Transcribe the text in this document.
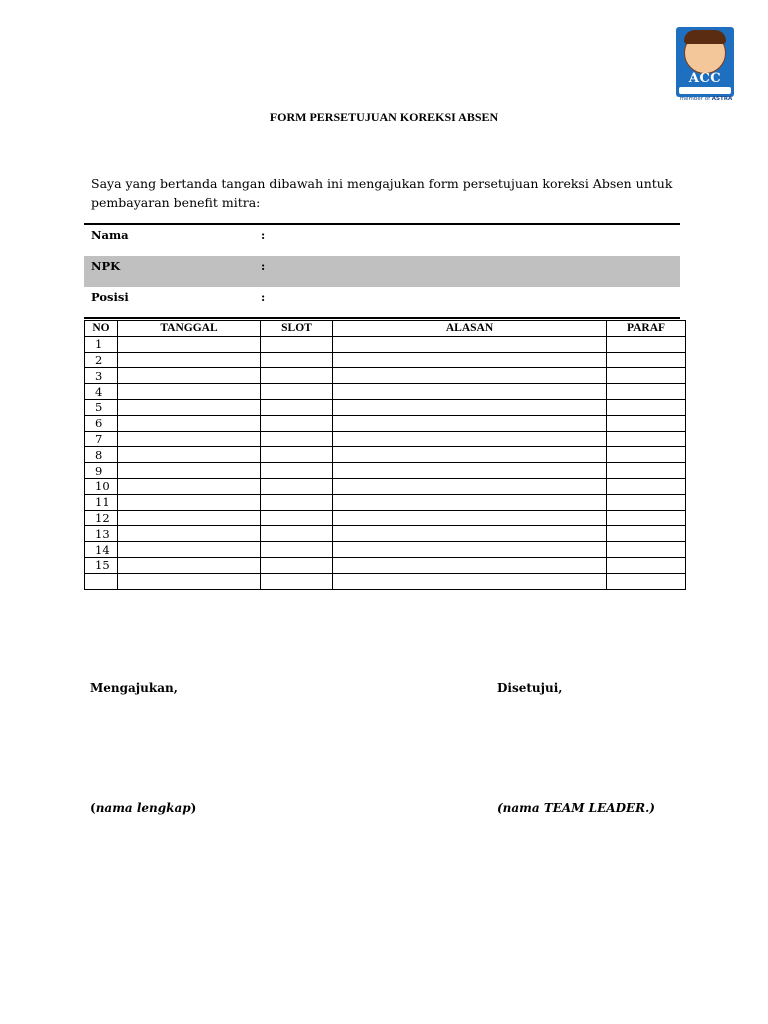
ACC
member of ASTRA
FORM PERSETUJUAN KOREKSI ABSEN
Saya yang bertanda tangan dibawah ini mengajukan form persetujuan koreksi Absen untuk pembayaran benefit mitra:
Nama	:
NPK	:
Posisi	:
NO	TANGGAL	SLOT	ALASAN	PARAF
1				
2				
3				
4				
5				
6				
7				
8				
9				
10				
11				
12				
13				
14				
15				

Mengajukan,	Disetujui,
(nama lengkap)	(nama TEAM LEADER.)
